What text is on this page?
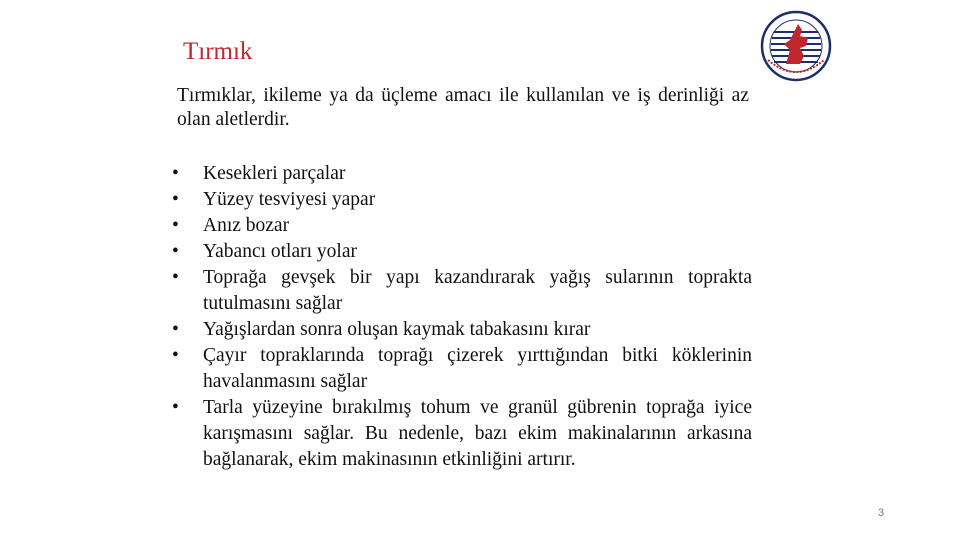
Tırmık
Tırmıklar, ikileme ya da üçleme amacı ile kullanılan ve iş derinliği az olan aletlerdir.
•	Kesekleri parçalar
•	Yüzey tesviyesi yapar
•	Anız bozar
•	Yabancı otları yolar
•	Toprağa gevşek bir yapı kazandırarak yağış sularının toprakta tutulmasını sağlar
•	Yağışlardan sonra oluşan kaymak tabakasını kırar
•	Çayır topraklarında toprağı çizerek yırttığından bitki köklerinin havalanmasını sağlar
•	Tarla yüzeyine bırakılmış tohum ve granül gübrenin toprağa iyice karışmasını sağlar. Bu nedenle, bazı ekim makinalarının arkasına bağlanarak, ekim makinasının etkinliğini artırır.
3
